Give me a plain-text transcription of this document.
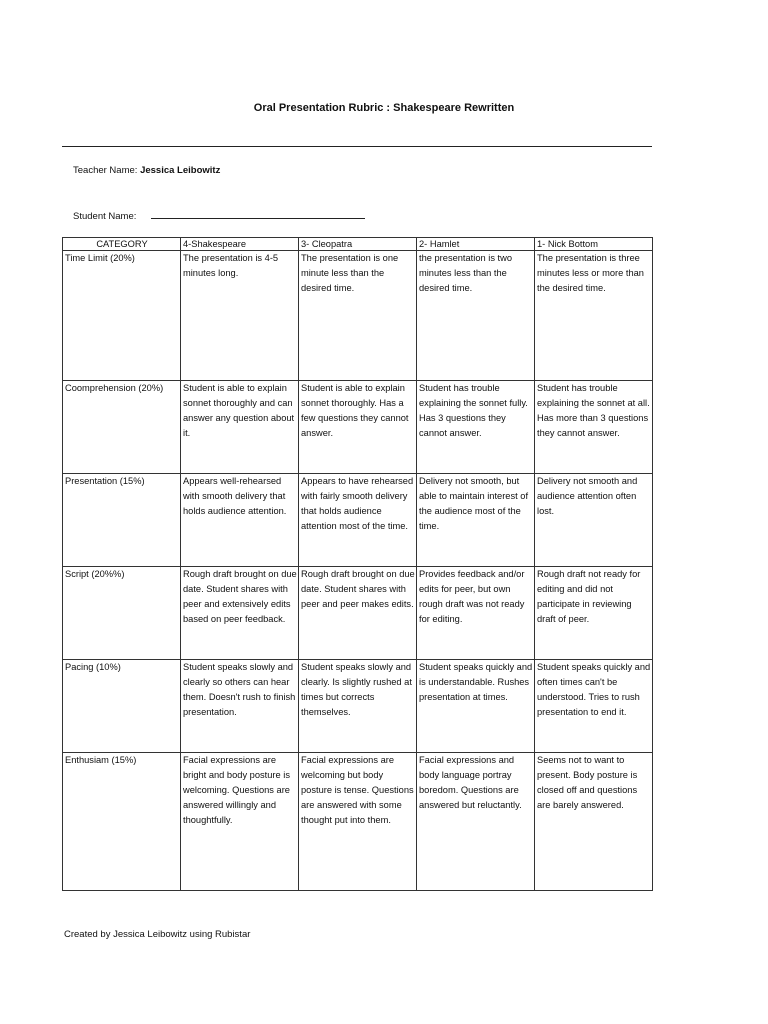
Oral Presentation Rubric : Shakespeare Rewritten
Teacher Name: Jessica Leibowitz
Student Name:
CATEGORY	4-Shakespeare	3- Cleopatra	2- Hamlet	1- Nick Bottom
Time Limit (20%)	The presentation is 4-5 minutes long.	The presentation is one minute less than the desired time.	the presentation is two minutes less than the desired time.	The presentation is three minutes less or more than the desired time.
Coomprehension (20%)	Student is able to explain sonnet thoroughly and can answer any question about it.	Student is able to explain sonnet thoroughly. Has a few questions they cannot answer.	Student has trouble explaining the sonnet fully. Has 3 questions they cannot answer.	Student has trouble explaining the sonnet at all. Has more than 3 questions they cannot answer.
Presentation (15%)	Appears well-rehearsed with smooth delivery that holds audience attention.	Appears to have rehearsed with fairly smooth delivery that holds audience attention most of the time.	Delivery not smooth, but able to maintain interest of the audience most of the time.	Delivery not smooth and audience attention often lost.
Script (20%%)	Rough draft brought on due date. Student shares with peer and extensively edits based on peer feedback.	Rough draft brought on due date. Student shares with peer and peer makes edits.	Provides feedback and/or edits for peer, but own rough draft was not ready for editing.	Rough draft not ready for editing and did not participate in reviewing draft of peer.
Pacing (10%)	Student speaks slowly and clearly so others can hear them. Doesn't rush to finish presentation.	Student speaks slowly and clearly. Is slightly rushed at times but corrects themselves.	Student speaks quickly and is understandable. Rushes presentation at times.	Student speaks quickly and often times can't be understood. Tries to rush presentation to end it.
Enthusiam (15%)	Facial expressions are bright and body posture is welcoming. Questions are answered willingly and thoughtfully.	Facial expressions are welcoming but body posture is tense. Questions are answered with some thought put into them.	Facial expressions and body language portray boredom. Questions are answered but reluctantly.	Seems not to want to present. Body posture is closed off and questions are barely answered.
Created by Jessica Leibowitz using Rubistar
